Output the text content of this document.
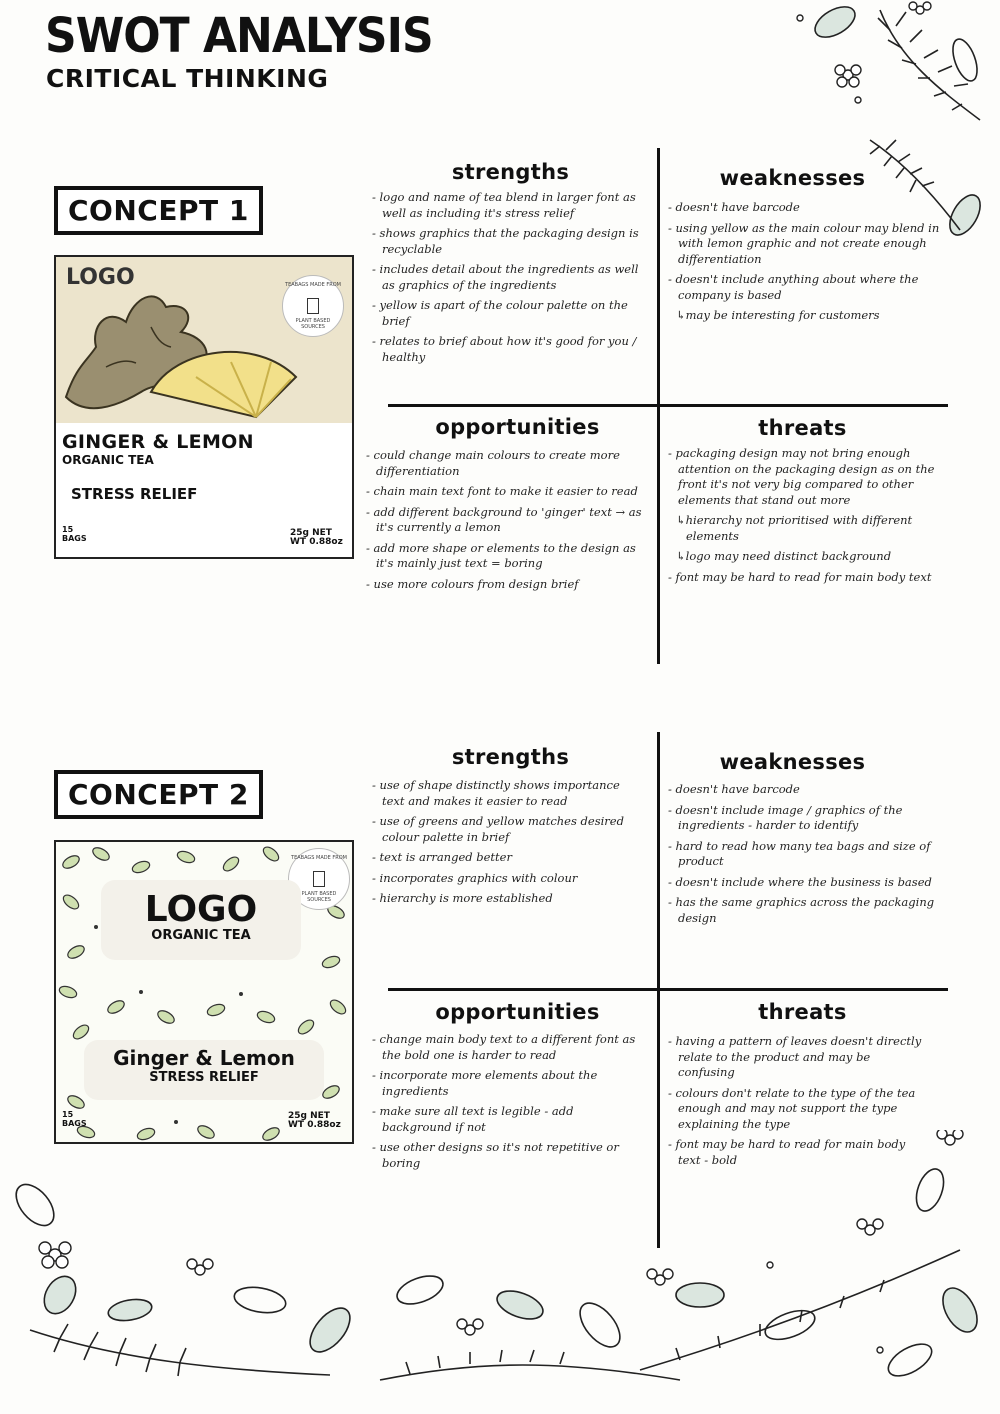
SWOT ANALYSIS
CRITICAL THINKING
CONCEPT 1
LOGO	TEABAGS MADE FROM
PLANT BASED SOURCES
GINGER & LEMON
ORGANIC TEA
STRESS RELIEF
15
BAGS
25g NET
WT 0.88oz
strengths
- logo and name of tea blend in larger font as well as including it's stress relief
- shows graphics that the packaging design is recyclable
- includes detail about the ingredients as well as graphics of the ingredients
- yellow is apart of the colour palette on the brief
- relates to brief about how it's good for you / healthy
weaknesses
- doesn't have barcode
- using yellow as the main colour may blend in with lemon graphic and not create enough differentiation
- doesn't include anything about where the company is based
↳ may be interesting for customers
opportunities
- could change main colours to create more differentiation
- chain main text font to make it easier to read
- add different background to 'ginger' text → as it's currently a lemon
- add more shape or elements to the design as it's mainly just text = boring
- use more colours from design brief
threats
- packaging design may not bring enough attention on the packaging design as on the front it's not very big compared to other elements that stand out more
↳ hierarchy not prioritised with different elements
↳ logo may need distinct background
- font may be hard to read for main body text
CONCEPT 2
TEABAGS MADE FROM
PLANT BASED SOURCES
LOGO
ORGANIC TEA
Ginger & Lemon
STRESS RELIEF
15
BAGS
25g NET
WT 0.88oz
strengths
- use of shape distinctly shows importance text and makes it easier to read
- use of greens and yellow matches desired colour palette in brief
- text is arranged better
- incorporates graphics with colour
- hierarchy is more established
weaknesses
- doesn't have barcode
- doesn't include image / graphics of the ingredients - harder to identify
- hard to read how many tea bags and size of product
- doesn't include where the business is based
- has the same graphics across the packaging design
opportunities
- change main body text to a different font as the bold one is harder to read
- incorporate more elements about the ingredients
- make sure all text is legible - add background if not
- use other designs so it's not repetitive or boring
threats
- having a pattern of leaves doesn't directly relate to the product and may be confusing
- colours don't relate to the type of the tea enough and may not support the type explaining the type
- font may be hard to read for main body text - bold
